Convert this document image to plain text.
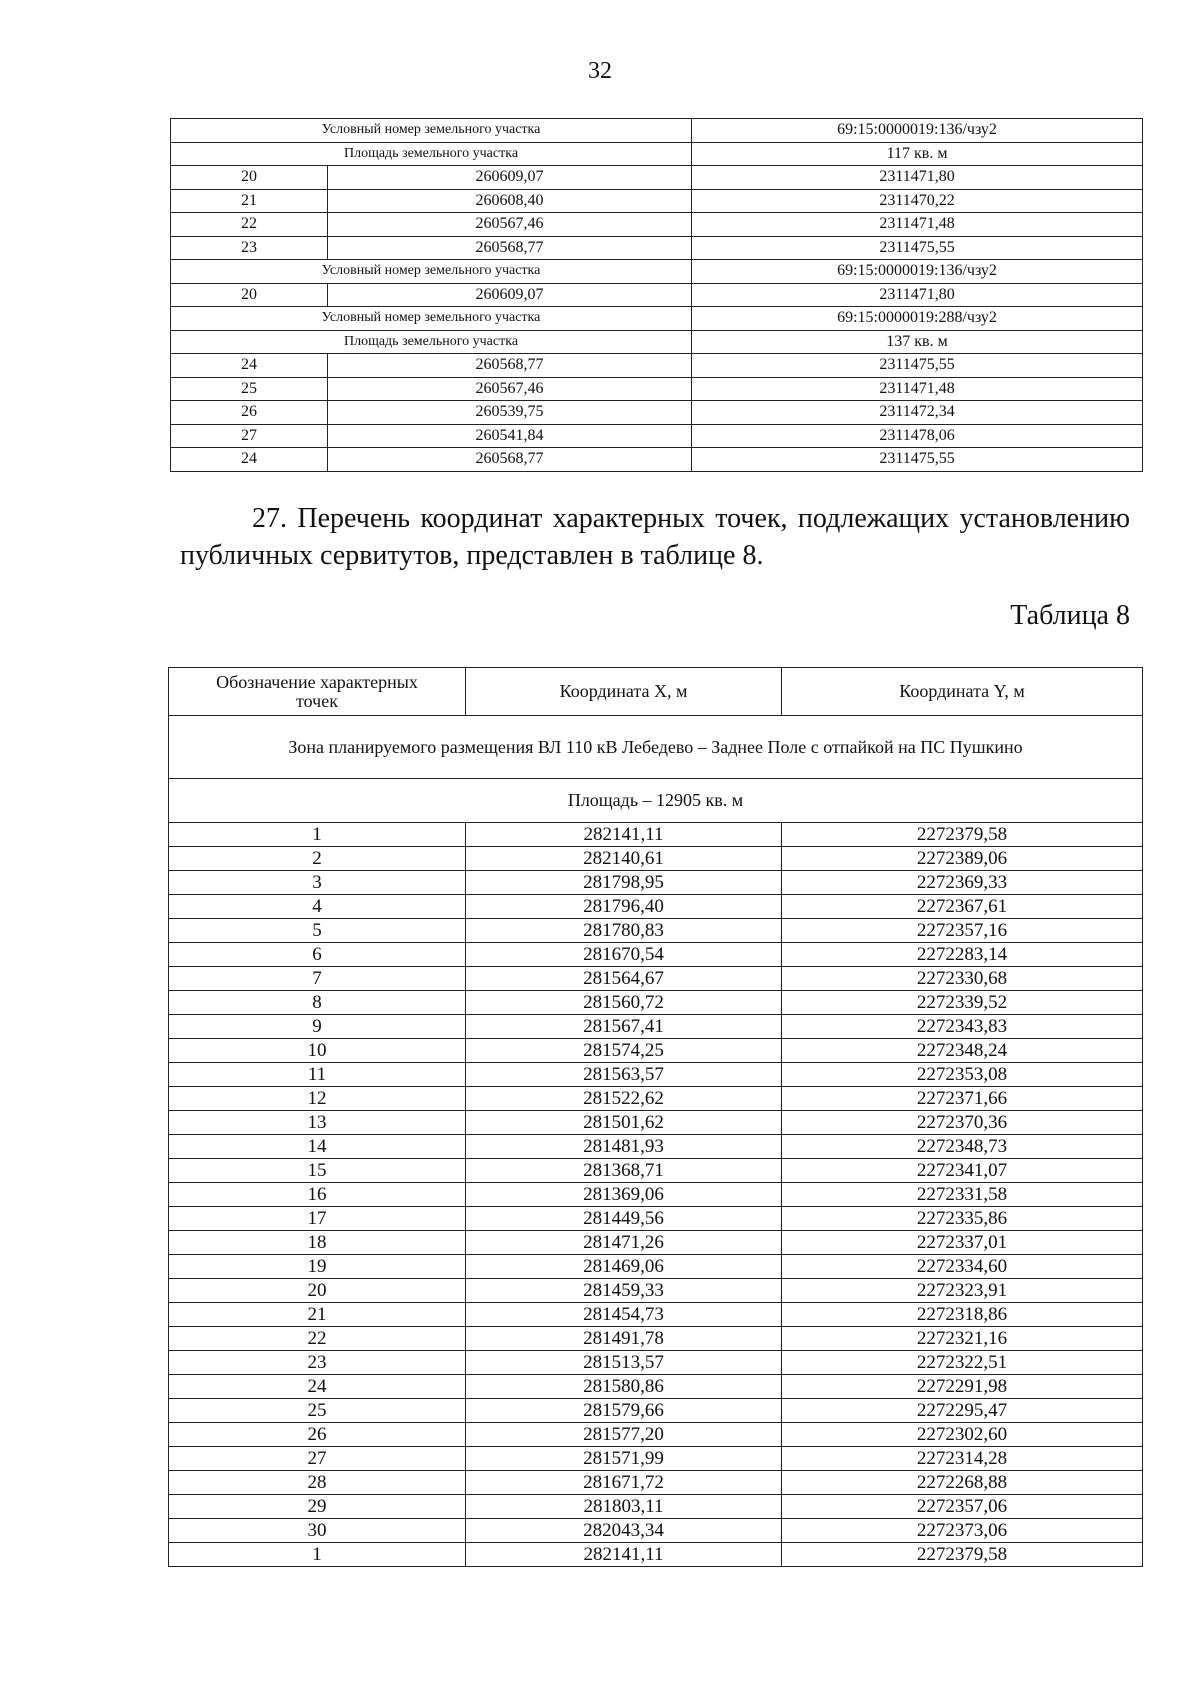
32
Условный номер земельного участка		69:15:0000019:136/чзу2
Площадь земельного участка		117 кв. м
20	260609,07	2311471,80
21	260608,40	2311470,22
22	260567,46	2311471,48
23	260568,77	2311475,55
Условный номер земельного участка		69:15:0000019:136/чзу2
20	260609,07	2311471,80
Условный номер земельного участка		69:15:0000019:288/чзу2
Площадь земельного участка		137 кв. м
24	260568,77	2311475,55
25	260567,46	2311471,48
26	260539,75	2311472,34
27	260541,84	2311478,06
24	260568,77	2311475,55
27. Перечень координат характерных точек, подлежащих установлению публичных сервитутов, представлен в таблице 8.
Таблица 8
Обозначение характерных точек	Координата X, м	Координата Y, м
Зона планируемого размещения ВЛ 110 кВ Лебедево – Заднее Поле с отпайкой на ПС Пушкино		
Площадь – 12905 кв. м		
1	282141,11	2272379,58
2	282140,61	2272389,06
3	281798,95	2272369,33
4	281796,40	2272367,61
5	281780,83	2272357,16
6	281670,54	2272283,14
7	281564,67	2272330,68
8	281560,72	2272339,52
9	281567,41	2272343,83
10	281574,25	2272348,24
11	281563,57	2272353,08
12	281522,62	2272371,66
13	281501,62	2272370,36
14	281481,93	2272348,73
15	281368,71	2272341,07
16	281369,06	2272331,58
17	281449,56	2272335,86
18	281471,26	2272337,01
19	281469,06	2272334,60
20	281459,33	2272323,91
21	281454,73	2272318,86
22	281491,78	2272321,16
23	281513,57	2272322,51
24	281580,86	2272291,98
25	281579,66	2272295,47
26	281577,20	2272302,60
27	281571,99	2272314,28
28	281671,72	2272268,88
29	281803,11	2272357,06
30	282043,34	2272373,06
1	282141,11	2272379,58
